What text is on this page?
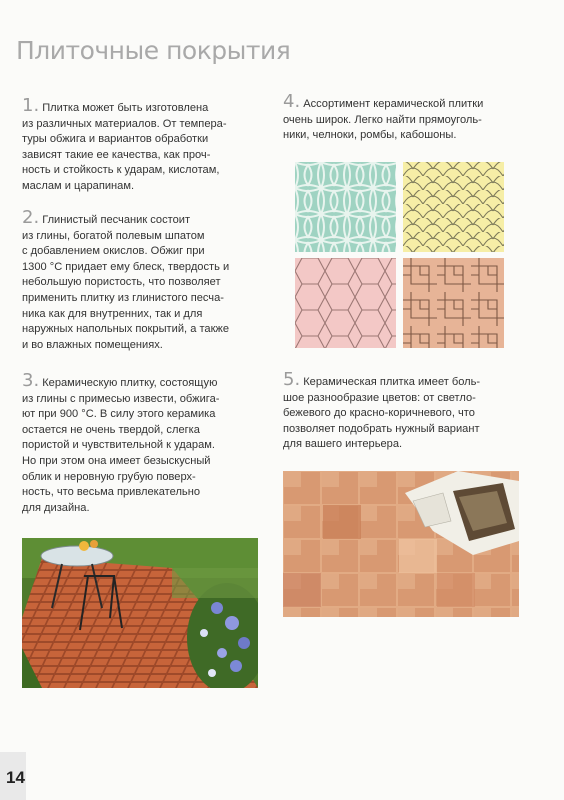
Плиточные покрытия
1. Плитка может быть изготовлена
из различных материалов. От темпера-
туры обжига и вариантов обработки
зависят такие ее качества, как проч-
ность и стойкость к ударам, кислотам,
маслам и царапинам.
2. Глинистый песчаник состоит
из глины, богатой полевым шпатом
с добавлением окислов. Обжиг при
1300 °С придает ему блеск, твердость и
небольшую пористость, что позволяет
применить плитку из глинистого песча-
ника как для внутренних, так и для
наружных напольных покрытий, а также
и во влажных помещениях.
3. Керамическую плитку, состоящую
из глины с примесью извести, обжига-
ют при 900 °С. В силу этого керамика
остается не очень твердой, слегка
пористой и чувствительной к ударам.
Но при этом она имеет безыскусный
облик и неровную грубую поверх-
ность, что весьма привлекательно
для дизайна.
4. Ассортимент керамической плитки
очень широк. Легко найти прямоуголь-
ники, челноки, ромбы, кабошоны.
5. Керамическая плитка имеет боль-
шое разнообразие цветов: от светло-
бежевого до красно-коричневого, что
позволяет подобрать нужный вариант
для вашего интерьера.
14
